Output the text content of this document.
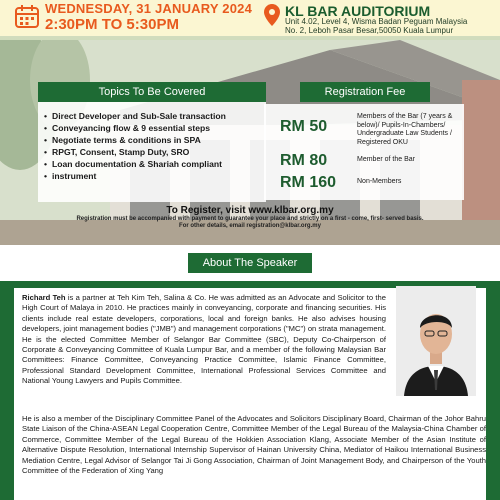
WEDNESDAY, 31 JANUARY 2024
2:30PM TO 5:30PM
KL BAR AUDITORIUM
Unit 4.02, Level 4, Wisma Badan Peguam Malaysia
No. 2, Leboh Pasar Besar,50050 Kuala Lumpur
Topics To Be Covered
• Direct Developer and Sub-Sale transaction
• Conveyancing flow & 9 essential steps
• Negotiate terms & conditions in SPA
• RPGT, Consent, Stamp Duty, SRO
• Loan documentation & Shariah compliant
• instrument
Registration Fee
RM 50
Members of the Bar (7 years &
below)/ Pupils-In-Chambers/
Undergraduate Law Students /
Registered OKU
RM 80	Member of the Bar
RM 160	Non-Members
To Register, visit www.klbar.org.my
Registration must be accompanied with payment to guarantee your place and strictly on a first - come, first- served basis.
For other details, email registration@klbar.org.my
About The Speaker
Richard Teh is a partner at Teh Kim Teh, Salina & Co. He was admitted as an Advocate and Solicitor to the High Court of Malaya in 2010. He practices mainly in conveyancing, corporate and financing securities. His clients include real estate developers, corporations, local and foreign banks. He also advises housing developers, joint management bodies ("JMB") and management corporations ("MC") on strata management. He is the elected Committee Member of Selangor Bar Committee (SBC), Deputy Co-Chairperson of Corporate & Conveyancing Committee of Kuala Lumpur Bar, and a member of the following Malaysian Bar Committees: Finance Committee, Conveyancing Practice Committee, Islamic Finance Committee, Professional Standard Development Committee, International Professional Services Committee and National Young Lawyers and Pupils Committee.
He is also a member of the Disciplinary Committee Panel of the Advocates and Solicitors Disciplinary Board, Chairman of the Johor Bahru State Liaison of the China-ASEAN Legal Cooperation Centre, Committee Member of the Legal Bureau of the Malaysia-China Chamber of Commerce, Committee Member of the Legal Bureau of the Hokkien Association Klang, Associate Member of the Asian Institute of Alternative Dispute Resolution, International Internship Supervisor of Hainan University China, Mediator of Haikou International Business Mediation Centre, Legal Advisor of Selangor Tai Ji Gong Association, Chairman of Joint Management Body, and Chairperson of the Youth Committee of the Federation of Xing Yang
